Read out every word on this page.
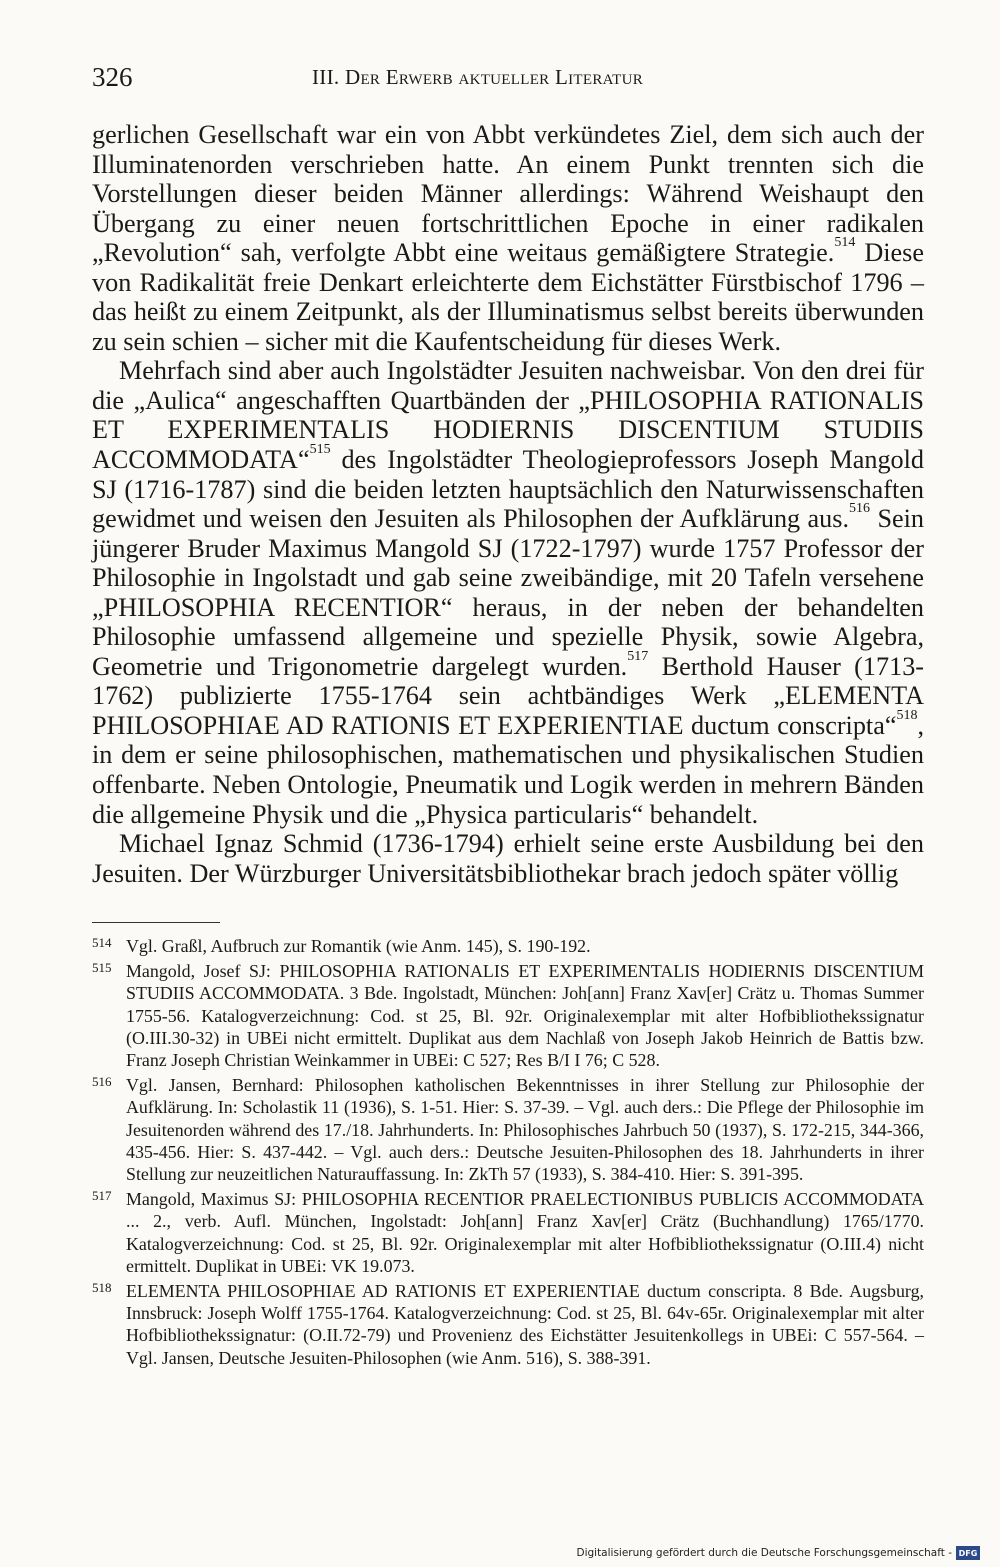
326	III. Der Erwerb aktueller Literatur

gerlichen Gesellschaft war ein von Abbt verkündetes Ziel, dem sich auch der Illuminatenorden verschrieben hatte. An einem Punkt trennten sich die Vorstellungen dieser beiden Männer allerdings: Während Weishaupt den Übergang zu einer neuen fortschrittlichen Epoche in einer radikalen „Revolution“ sah, verfolgte Abbt eine weitaus gemäßigtere Strategie.$^{514}$ Diese von Radikalität freie Denkart erleichterte dem Eichstätter Fürstbischof 1796 – das heißt zu einem Zeitpunkt, als der Illuminatismus selbst bereits überwunden zu sein schien – sicher mit die Kaufentscheidung für dieses Werk.

Mehrfach sind aber auch Ingolstädter Jesuiten nachweisbar. Von den drei für die „Aulica“ angeschafften Quartbänden der „PHILOSOPHIA RATIONALIS ET EXPERIMENTALIS HODIERNIS DISCENTIUM STUDIIS ACCOMMODATA“$^{515}$ des Ingolstädter Theologieprofessors Joseph Mangold SJ (1716-1787) sind die beiden letzten hauptsächlich den Naturwissenschaften gewidmet und weisen den Jesuiten als Philosophen der Aufklärung aus.$^{516}$ Sein jüngerer Bruder Maximus Mangold SJ (1722-1797) wurde 1757 Professor der Philosophie in Ingolstadt und gab seine zweibändige, mit 20 Tafeln versehene „PHILOSOPHIA RECENTIOR“ heraus, in der neben der behandelten Philosophie umfassend allgemeine und spezielle Physik, sowie Algebra, Geometrie und Trigonometrie dargelegt wurden.$^{517}$ Berthold Hauser (1713-1762) publizierte 1755-1764 sein achtbändiges Werk „ELEMENTA PHILOSOPHIAE AD RATIONIS ET EXPERIENTIAE ductum conscripta“$^{518}$, in dem er seine philosophischen, mathematischen und physikalischen Studien offenbarte. Neben Ontologie, Pneumatik und Logik werden in mehrern Bänden die allgemeine Physik und die „Physica particularis“ behandelt.

Michael Ignaz Schmid (1736-1794) erhielt seine erste Ausbildung bei den Jesuiten. Der Würzburger Universitätsbibliothekar brach jedoch später völlig

514 Vgl. Graßl, Aufbruch zur Romantik (wie Anm. 145), S. 190-192.
515 Mangold, Josef SJ: PHILOSOPHIA RATIONALIS ET EXPERIMENTALIS HODIERNIS DISCENTIUM STUDIIS ACCOMMODATA. 3 Bde. Ingolstadt, München: Joh[ann] Franz Xav[er] Crätz u. Thomas Summer 1755-56. Katalogverzeichnung: Cod. st 25, Bl. 92r. Originalexemplar mit alter Hofbibliothekssignatur (O.III.30-32) in UBEi nicht ermittelt. Duplikat aus dem Nachlaß von Joseph Jakob Heinrich de Battis bzw. Franz Joseph Christian Weinkammer in UBEi: C 527; Res B/I I 76; C 528.
516 Vgl. Jansen, Bernhard: Philosophen katholischen Bekenntnisses in ihrer Stellung zur Philosophie der Aufklärung. In: Scholastik 11 (1936), S. 1-51. Hier: S. 37-39. – Vgl. auch ders.: Die Pflege der Philosophie im Jesuitenorden während des 17./18. Jahrhunderts. In: Philosophisches Jahrbuch 50 (1937), S. 172-215, 344-366, 435-456. Hier: S. 437-442. – Vgl. auch ders.: Deutsche Jesuiten-Philosophen des 18. Jahrhunderts in ihrer Stellung zur neuzeitlichen Naturauffassung. In: ZkTh 57 (1933), S. 384-410. Hier: S. 391-395.
517 Mangold, Maximus SJ: PHILOSOPHIA RECENTIOR PRAELECTIONIBUS PUBLICIS ACCOMMODATA ... 2., verb. Aufl. München, Ingolstadt: Joh[ann] Franz Xav[er] Crätz (Buchhandlung) 1765/1770. Katalogverzeichnung: Cod. st 25, Bl. 92r. Originalexemplar mit alter Hofbibliothekssignatur (O.III.4) nicht ermittelt. Duplikat in UBEi: VK 19.073.
518 ELEMENTA PHILOSOPHIAE AD RATIONIS ET EXPERIENTIAE ductum conscripta. 8 Bde. Augsburg, Innsbruck: Joseph Wolff 1755-1764. Katalogverzeichnung: Cod. st 25, Bl. 64v-65r. Originalexemplar mit alter Hofbibliothekssignatur: (O.II.72-79) und Provenienz des Eichstätter Jesuitenkollegs in UBEi: C 557-564. – Vgl. Jansen, Deutsche Jesuiten-Philosophen (wie Anm. 516), S. 388-391.
Digitalisierung gefördert durch die Deutsche Forschungsgemeinschaft - DFG
